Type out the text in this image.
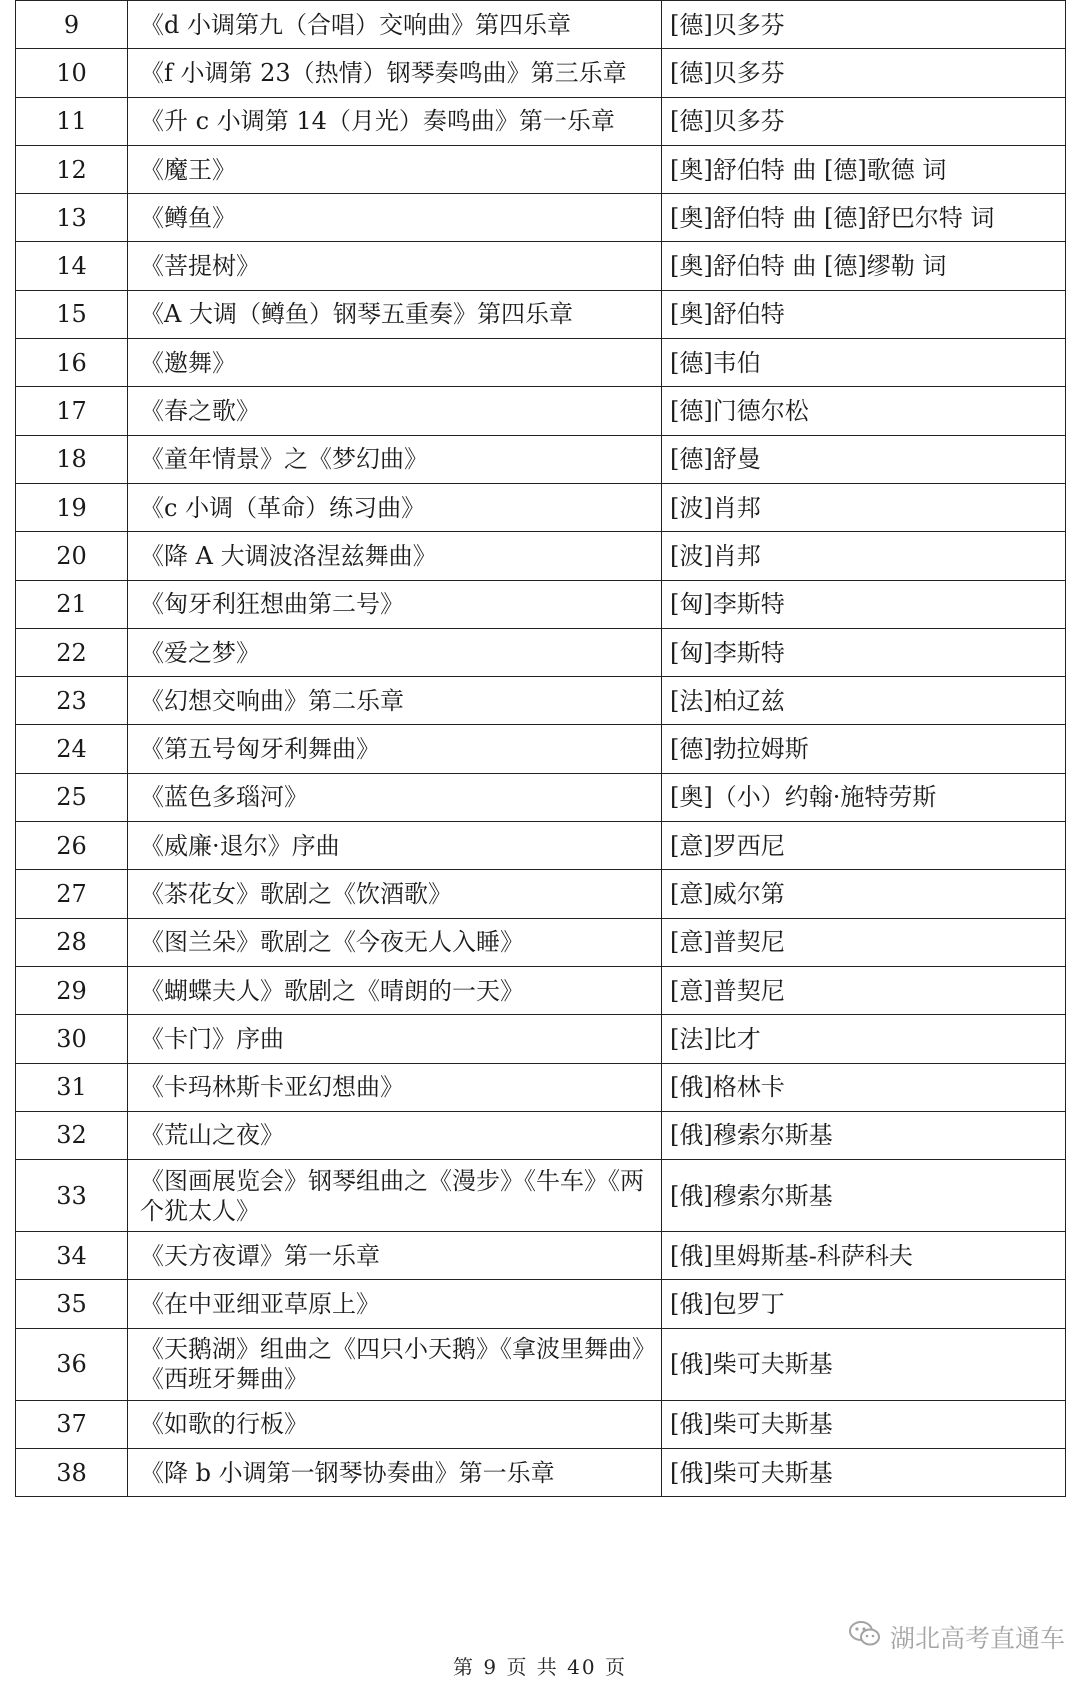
9	《d 小调第九（合唱）交响曲》第四乐章	[德]贝多芬
10	《f 小调第 23（热情）钢琴奏鸣曲》第三乐章	[德]贝多芬
11	《升 c 小调第 14（月光）奏鸣曲》第一乐章	[德]贝多芬
12	《魔王》	[奥]舒伯特 曲 [德]歌德 词
13	《鳟鱼》	[奥]舒伯特 曲 [德]舒巴尔特 词
14	《菩提树》	[奥]舒伯特 曲 [德]缪勒 词
15	《A 大调（鳟鱼）钢琴五重奏》第四乐章	[奥]舒伯特
16	《邀舞》	[德]韦伯
17	《春之歌》	[德]门德尔松
18	《童年情景》之《梦幻曲》	[德]舒曼
19	《c 小调（革命）练习曲》	[波]肖邦
20	《降 A 大调波洛涅兹舞曲》	[波]肖邦
21	《匈牙利狂想曲第二号》	[匈]李斯特
22	《爱之梦》	[匈]李斯特
23	《幻想交响曲》第二乐章	[法]柏辽兹
24	《第五号匈牙利舞曲》	[德]勃拉姆斯
25	《蓝色多瑙河》	[奥]（小）约翰·施特劳斯
26	《威廉·退尔》序曲	[意]罗西尼
27	《茶花女》歌剧之《饮酒歌》	[意]威尔第
28	《图兰朵》歌剧之《今夜无人入睡》	[意]普契尼
29	《蝴蝶夫人》歌剧之《晴朗的一天》	[意]普契尼
30	《卡门》序曲	[法]比才
31	《卡玛林斯卡亚幻想曲》	[俄]格林卡
32	《荒山之夜》	[俄]穆索尔斯基
33	《图画展览会》钢琴组曲之《漫步》《牛车》《两个犹太人》	[俄]穆索尔斯基
34	《天方夜谭》第一乐章	[俄]里姆斯基-科萨科夫
35	《在中亚细亚草原上》	[俄]包罗丁
36	《天鹅湖》组曲之《四只小天鹅》《拿波里舞曲》《西班牙舞曲》	[俄]柴可夫斯基
37	《如歌的行板》	[俄]柴可夫斯基
38	《降 b 小调第一钢琴协奏曲》第一乐章	[俄]柴可夫斯基
第 9 页 共 40 页
湖北高考直通车
